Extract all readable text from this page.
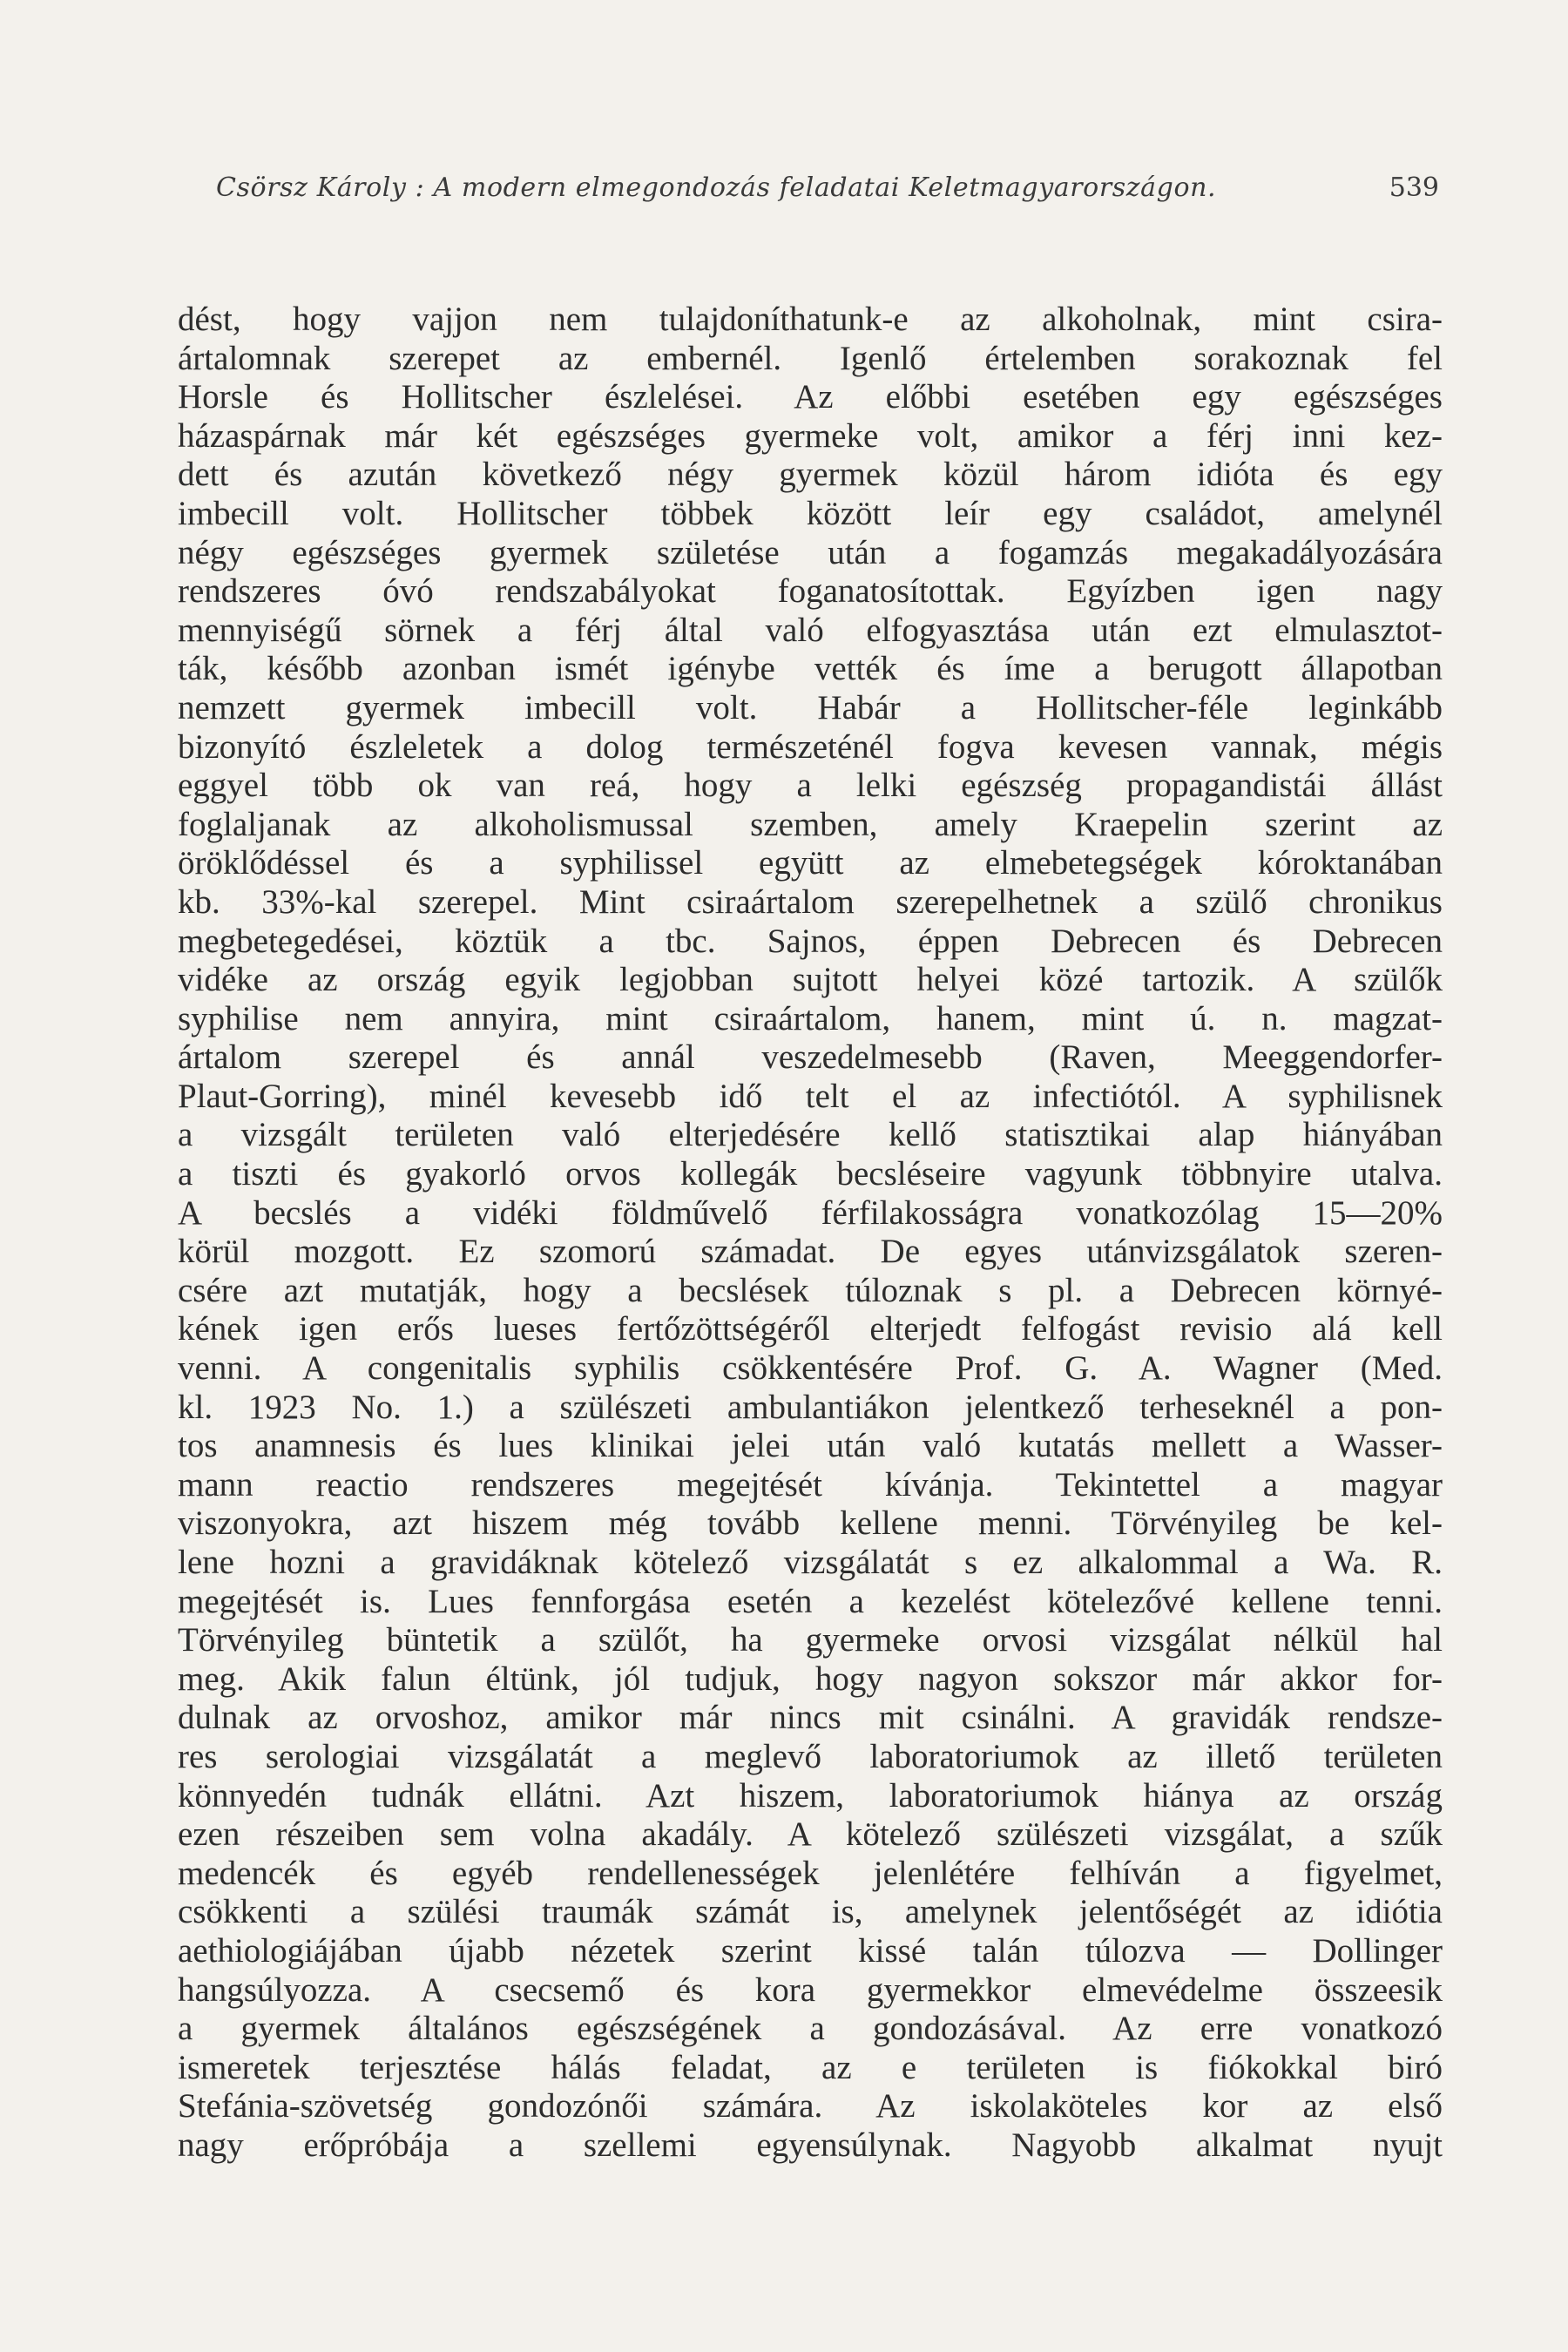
Csörsz Károly : A modern elmegondozás feladatai Keletmagyarországon.	539
dést, hogy vajjon nem tulajdoníthatunk-e az alkoholnak, mint csira-
ártalomnak szerepet az embernél. Igenlő értelemben sorakoznak fel
Horsle és Hollitscher észlelései. Az előbbi esetében egy egészséges
házaspárnak már két egészséges gyermeke volt, amikor a férj inni kez-
dett és azután következő négy gyermek közül három idióta és egy
imbecill volt. Hollitscher többek között leír egy családot, amelynél
négy egészséges gyermek születése után a fogamzás megakadályozására
rendszeres óvó rendszabályokat foganatosítottak. Egyízben igen nagy
mennyiségű sörnek a férj által való elfogyasztása után ezt elmulasztot-
ták, később azonban ismét igénybe vették és íme a berugott állapotban
nemzett gyermek imbecill volt. Habár a Hollitscher-féle leginkább
bizonyító észleletek a dolog természeténél fogva kevesen vannak, mégis
eggyel több ok van reá, hogy a lelki egészség propagandistái állást
foglaljanak az alkoholismussal szemben, amely Kraepelin szerint az
öröklődéssel és a syphilissel együtt az elmebetegségek kóroktanában
kb. 33%-kal szerepel. Mint csiraártalom szerepelhetnek a szülő chronikus
megbetegedései, köztük a tbc. Sajnos, éppen Debrecen és Debrecen
vidéke az ország egyik legjobban sujtott helyei közé tartozik. A szülők
syphilise nem annyira, mint csiraártalom, hanem, mint ú. n. magzat-
ártalom szerepel és annál veszedelmesebb (Raven, Meeggendorfer-
Plaut-Gorring), minél kevesebb idő telt el az infectiótól. A syphilisnek
a vizsgált területen való elterjedésére kellő statisztikai alap hiányában
a tiszti és gyakorló orvos kollegák becsléseire vagyunk többnyire utalva.
A becslés a vidéki földművelő férfilakosságra vonatkozólag 15—20%
körül mozgott. Ez szomorú számadat. De egyes utánvizsgálatok szeren-
csére azt mutatják, hogy a becslések túloznak s pl. a Debrecen környé-
kének igen erős lueses fertőzöttségéről elterjedt felfogást revisio alá kell
venni. A congenitalis syphilis csökkentésére Prof. G. A. Wagner (Med.
kl. 1923 No. 1.) a szülészeti ambulantiákon jelentkező terheseknél a pon-
tos anamnesis és lues klinikai jelei után való kutatás mellett a Wasser-
mann reactio rendszeres megejtését kívánja. Tekintettel a magyar
viszonyokra, azt hiszem még tovább kellene menni. Törvényileg be kel-
lene hozni a gravidáknak kötelező vizsgálatát s ez alkalommal a Wa. R.
megejtését is. Lues fennforgása esetén a kezelést kötelezővé kellene tenni.
Törvényileg büntetik a szülőt, ha gyermeke orvosi vizsgálat nélkül hal
meg. Akik falun éltünk, jól tudjuk, hogy nagyon sokszor már akkor for-
dulnak az orvoshoz, amikor már nincs mit csinálni. A gravidák rendsze-
res serologiai vizsgálatát a meglevő laboratoriumok az illető területen
könnyedén tudnák ellátni. Azt hiszem, laboratoriumok hiánya az ország
ezen részeiben sem volna akadály. A kötelező szülészeti vizsgálat, a szűk
medencék és egyéb rendellenességek jelenlétére felhíván a figyelmet,
csökkenti a szülési traumák számát is, amelynek jelentőségét az idiótia
aethiologiájában újabb nézetek szerint kissé talán túlozva — Dollinger
hangsúlyozza. A csecsemő és kora gyermekkor elmevédelme összeesik
a gyermek általános egészségének a gondozásával. Az erre vonatkozó
ismeretek terjesztése hálás feladat, az e területen is fiókokkal biró
Stefánia-szövetség gondozónői számára. Az iskolaköteles kor az első
nagy erőpróbája a szellemi egyensúlynak. Nagyobb alkalmat nyujt
